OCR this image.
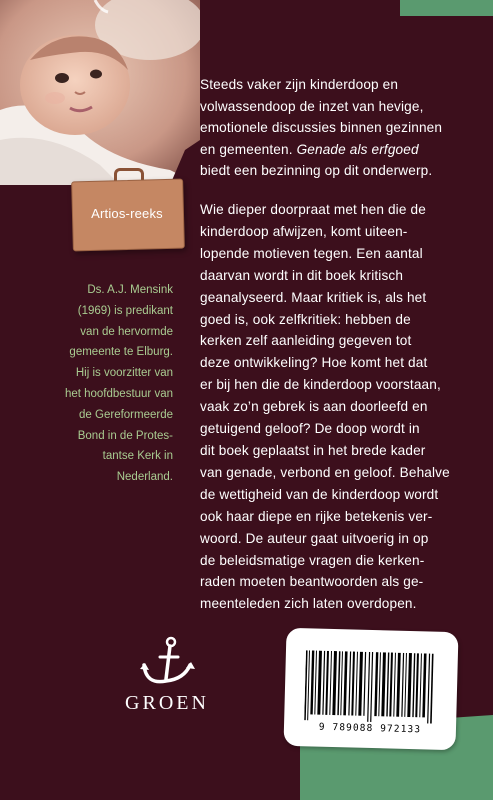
Artios-reeks
Steeds vaker zijn kinderdoop en
volwassendoop de inzet van hevige,
emotionele discussies binnen gezinnen
en gemeenten. Genade als erfgoed
biedt een bezinning op dit onderwerp.
Wie dieper doorpraat met hen die de
kinderdoop afwijzen, komt uiteen-
lopende motieven tegen. Een aantal
daarvan wordt in dit boek kritisch
geanalyseerd. Maar kritiek is, als het
goed is, ook zelfkritiek: hebben de
kerken zelf aanleiding gegeven tot
deze ontwikkeling? Hoe komt het dat
er bij hen die de kinderdoop voorstaan,
vaak zo’n gebrek is aan doorleefd en
getuigend geloof? De doop wordt in
dit boek geplaatst in het brede kader
van genade, verbond en geloof. Behalve
de wettigheid van de kinderdoop wordt
ook haar diepe en rijke betekenis ver-
woord. De auteur gaat uitvoerig in op
de beleidsmatige vragen die kerken-
raden moeten beantwoorden als ge-
meenteleden zich laten overdopen.
Ds. A.J. Mensink
(1969) is predikant
van de hervormde
gemeente te Elburg.
Hij is voorzitter van
het hoofdbestuur van
de Gereformeerde
Bond in de Protes-
tantse Kerk in
Nederland.
GROEN
9 789088 972133
